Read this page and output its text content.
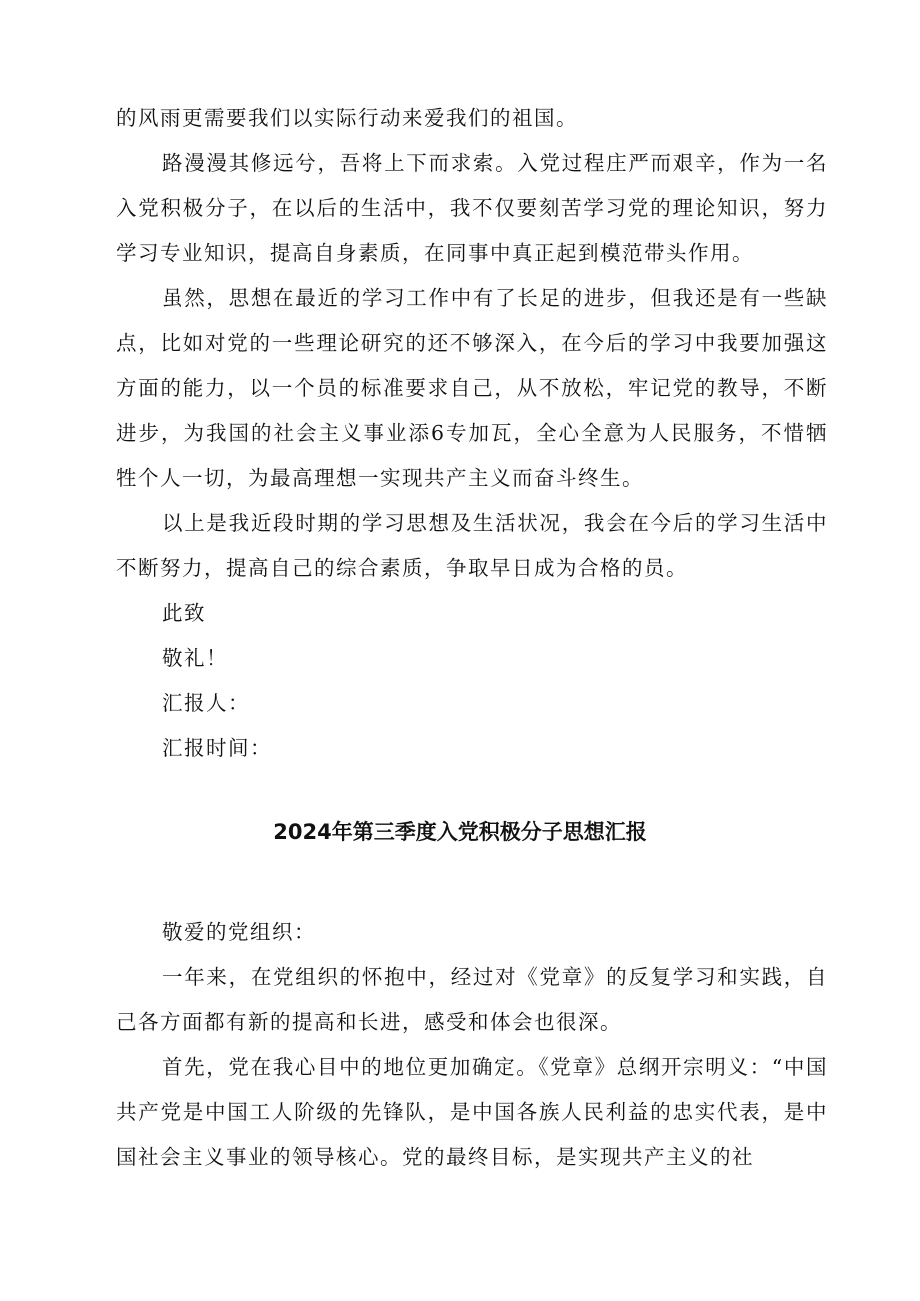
的风雨更需要我们以实际行动来爱我们的祖国。

路漫漫其修远兮，吾将上下而求索。入党过程庄严而艰辛，作为一名入党积极分子，在以后的生活中，我不仅要刻苦学习党的理论知识，努力学习专业知识，提高自身素质，在同事中真正起到模范带头作用。

虽然，思想在最近的学习工作中有了长足的进步，但我还是有一些缺点，比如对党的一些理论研究的还不够深入，在今后的学习中我要加强这方面的能力，以一个员的标准要求自己，从不放松，牢记党的教导，不断进步，为我国的社会主义事业添6专加瓦，全心全意为人民服务，不惜牺牲个人一切，为最高理想一实现共产主义而奋斗终生。

以上是我近段时期的学习思想及生活状况，我会在今后的学习生活中不断努力，提高自己的综合素质，争取早日成为合格的员。

此致

敬礼！

汇报人：

汇报时间：

2024年第三季度入党积极分子思想汇报

敬爱的党组织：

一年来，在党组织的怀抱中，经过对《党章》的反复学习和实践，自己各方面都有新的提高和长进，感受和体会也很深。

首先，党在我心目中的地位更加确定。《党章》总纲开宗明义：“中国共产党是中国工人阶级的先锋队，是中国各族人民利益的忠实代表，是中国社会主义事业的领导核心。党的最终目标，是实现共产主义的社
